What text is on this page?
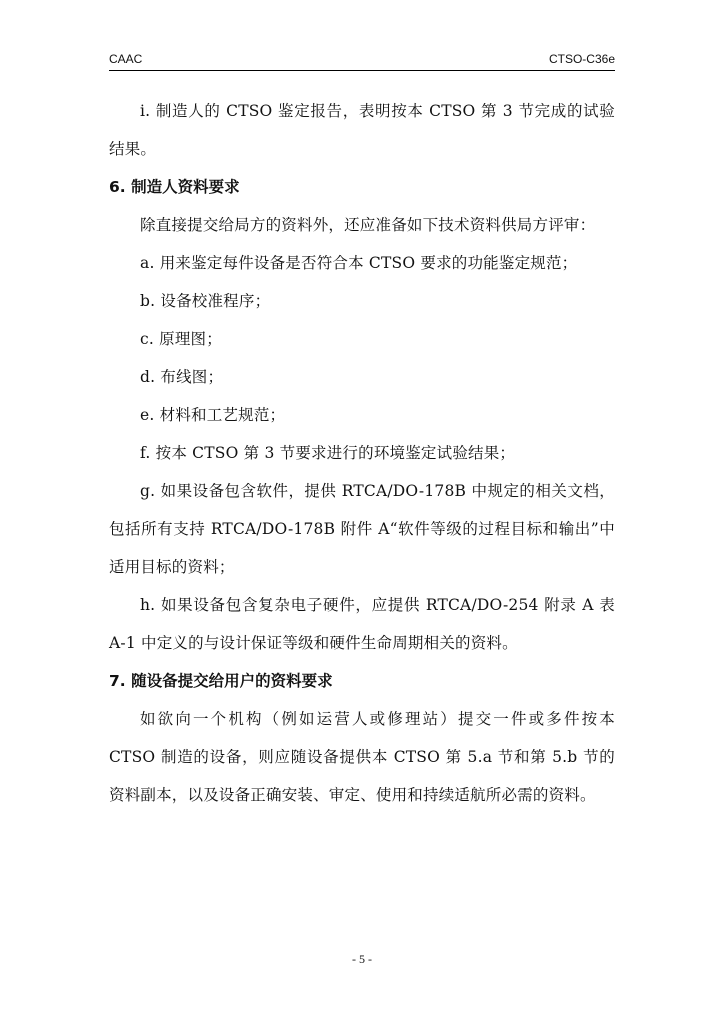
CAAC	CTSO-C36e

i. 制造人的 CTSO 鉴定报告，表明按本 CTSO 第 3 节完成的试验结果。

6. 制造人资料要求

除直接提交给局方的资料外，还应准备如下技术资料供局方评审：

a. 用来鉴定每件设备是否符合本 CTSO 要求的功能鉴定规范；

b. 设备校准程序；

c. 原理图；

d. 布线图；

e. 材料和工艺规范；

f. 按本 CTSO 第 3 节要求进行的环境鉴定试验结果；

g. 如果设备包含软件，提供 RTCA/DO-178B 中规定的相关文档，包括所有支持 RTCA/DO-178B 附件 A“软件等级的过程目标和输出”中适用目标的资料；

h. 如果设备包含复杂电子硬件，应提供 RTCA/DO-254 附录 A 表 A-1 中定义的与设计保证等级和硬件生命周期相关的资料。

7. 随设备提交给用户的资料要求

如欲向一个机构（例如运营人或修理站）提交一件或多件按本 CTSO 制造的设备，则应随设备提供本 CTSO 第 5.a 节和第 5.b 节的资料副本，以及设备正确安装、审定、使用和持续适航所必需的资料。

- 5 -
